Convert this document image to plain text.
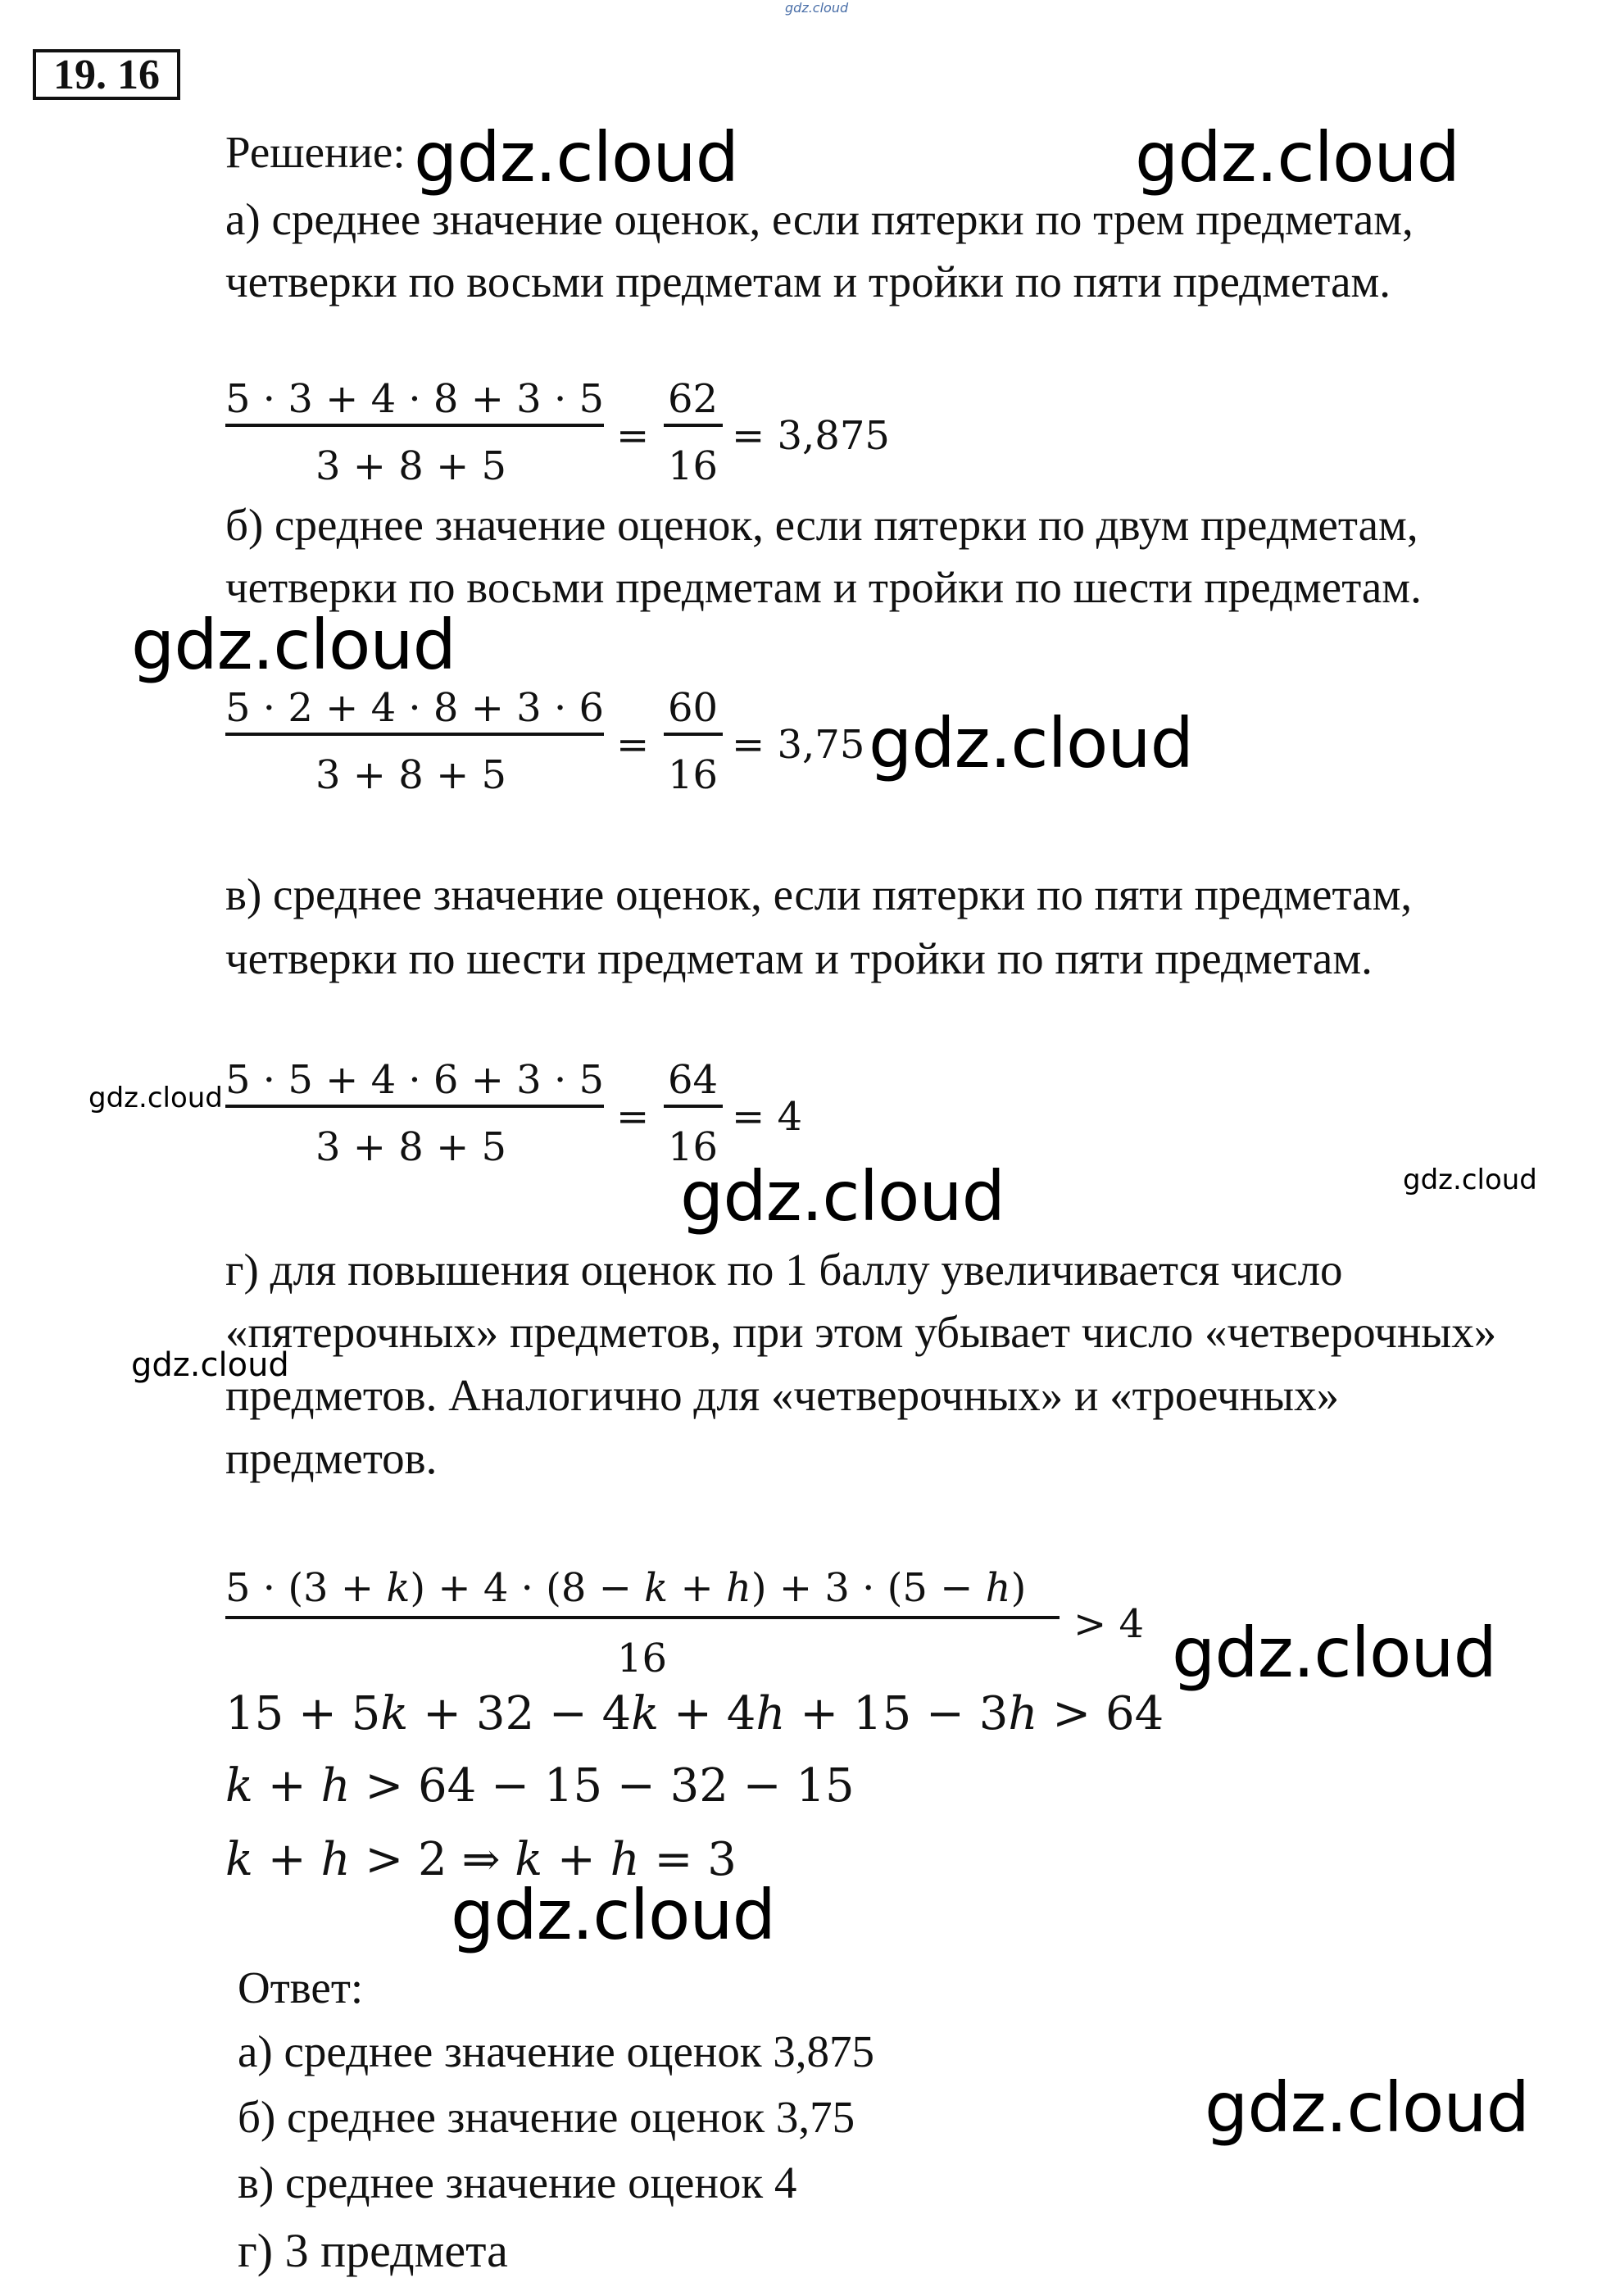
gdz.cloud
19. 16
Решение:
а) среднее значение оценок, если пятерки по трем предметам,
четверки по восьми предметам и тройки по пяти предметам.
5 · 3 + 4 · 8 + 3 · 5
3 + 8 + 5
=
62
16
= 3,875
б) среднее значение оценок, если пятерки по двум предметам,
четверки по восьми предметам и тройки по шести предметам.
5 · 2 + 4 · 8 + 3 · 6
3 + 8 + 5
=
60
16
= 3,75
в) среднее значение оценок, если пятерки по пяти предметам,
четверки по шести предметам и тройки по пяти предметам.
5 · 5 + 4 · 6 + 3 · 5
3 + 8 + 5
=
64
16
= 4
г) для повышения оценок по 1 баллу увеличивается число
«пятерочных» предметов, при этом убывает число «четверочных»
предметов. Аналогично для «четверочных» и «троечных»
предметов.
5 · (3 + 𝑘) + 4 · (8 − 𝑘 + ℎ) + 3 · (5 − ℎ)
16
> 4
15 + 5𝑘 + 32 − 4𝑘 + 4ℎ + 15 − 3ℎ > 64
𝑘 + ℎ > 64 − 15 − 32 − 15
𝑘 + ℎ > 2 ⇒ 𝑘 + ℎ = 3
Ответ:
а) среднее значение оценок 3,875
б) среднее значение оценок 3,75
в) среднее значение оценок 4
г) 3 предмета
gdz.cloud	gdz.cloud
gdz.cloud
gdz.cloud
gdz.cloud
gdz.cloud	gdz.cloud
gdz.cloud
gdz.cloud
gdz.cloud
gdz.cloud
